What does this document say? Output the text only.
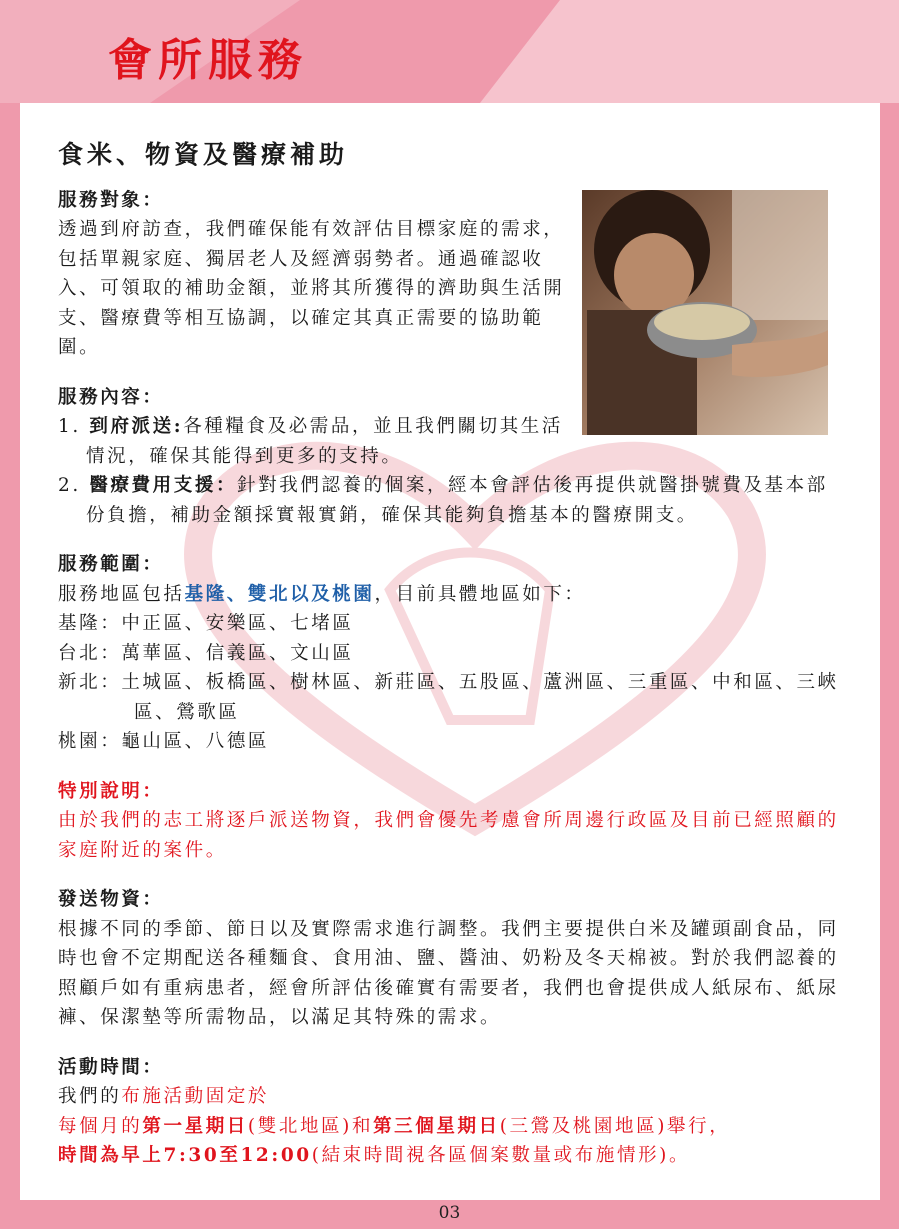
會所服務
食米、物資及醫療補助

服務對象：

透過到府訪查，我們確保能有效評估目標家庭的需求，包括單親家庭、獨居老人及經濟弱勢者。通過確認收入、可領取的補助金額，並將其所獲得的濟助與生活開支、醫療費等相互協調，以確定其真正需要的協助範圍。

服務內容：

1. 到府派送:各種糧食及必需品，並且我們關切其生活情況，確保其能得到更多的支持。

2. 醫療費用支援：針對我們認養的個案，經本會評估後再提供就醫掛號費及基本部份負擔，補助金額採實報實銷，確保其能夠負擔基本的醫療開支。

服務範圍：

服務地區包括基隆、雙北以及桃園，目前具體地區如下：

基隆：中正區、安樂區、七堵區

台北：萬華區、信義區、文山區

新北：土城區、板橋區、樹林區、新莊區、五股區、蘆洲區、三重區、中和區、三峽區、鶯歌區

桃園：龜山區、八德區

特別說明：

由於我們的志工將逐戶派送物資，我們會優先考慮會所周邊行政區及目前已經照顧的家庭附近的案件。

發送物資：

根據不同的季節、節日以及實際需求進行調整。我們主要提供白米及罐頭副食品，同時也會不定期配送各種麵食、食用油、鹽、醬油、奶粉及冬天棉被。對於我們認養的照顧戶如有重病患者，經會所評估後確實有需要者，我們也會提供成人紙尿布、紙尿褲、保潔墊等所需物品，以滿足其特殊的需求。

活動時間：

我們的布施活動固定於

每個月的第一星期日(雙北地區)和第三個星期日(三鶯及桃園地區)舉行，

時間為早上7:30至12:00(結束時間視各區個案數量或布施情形)。

03
